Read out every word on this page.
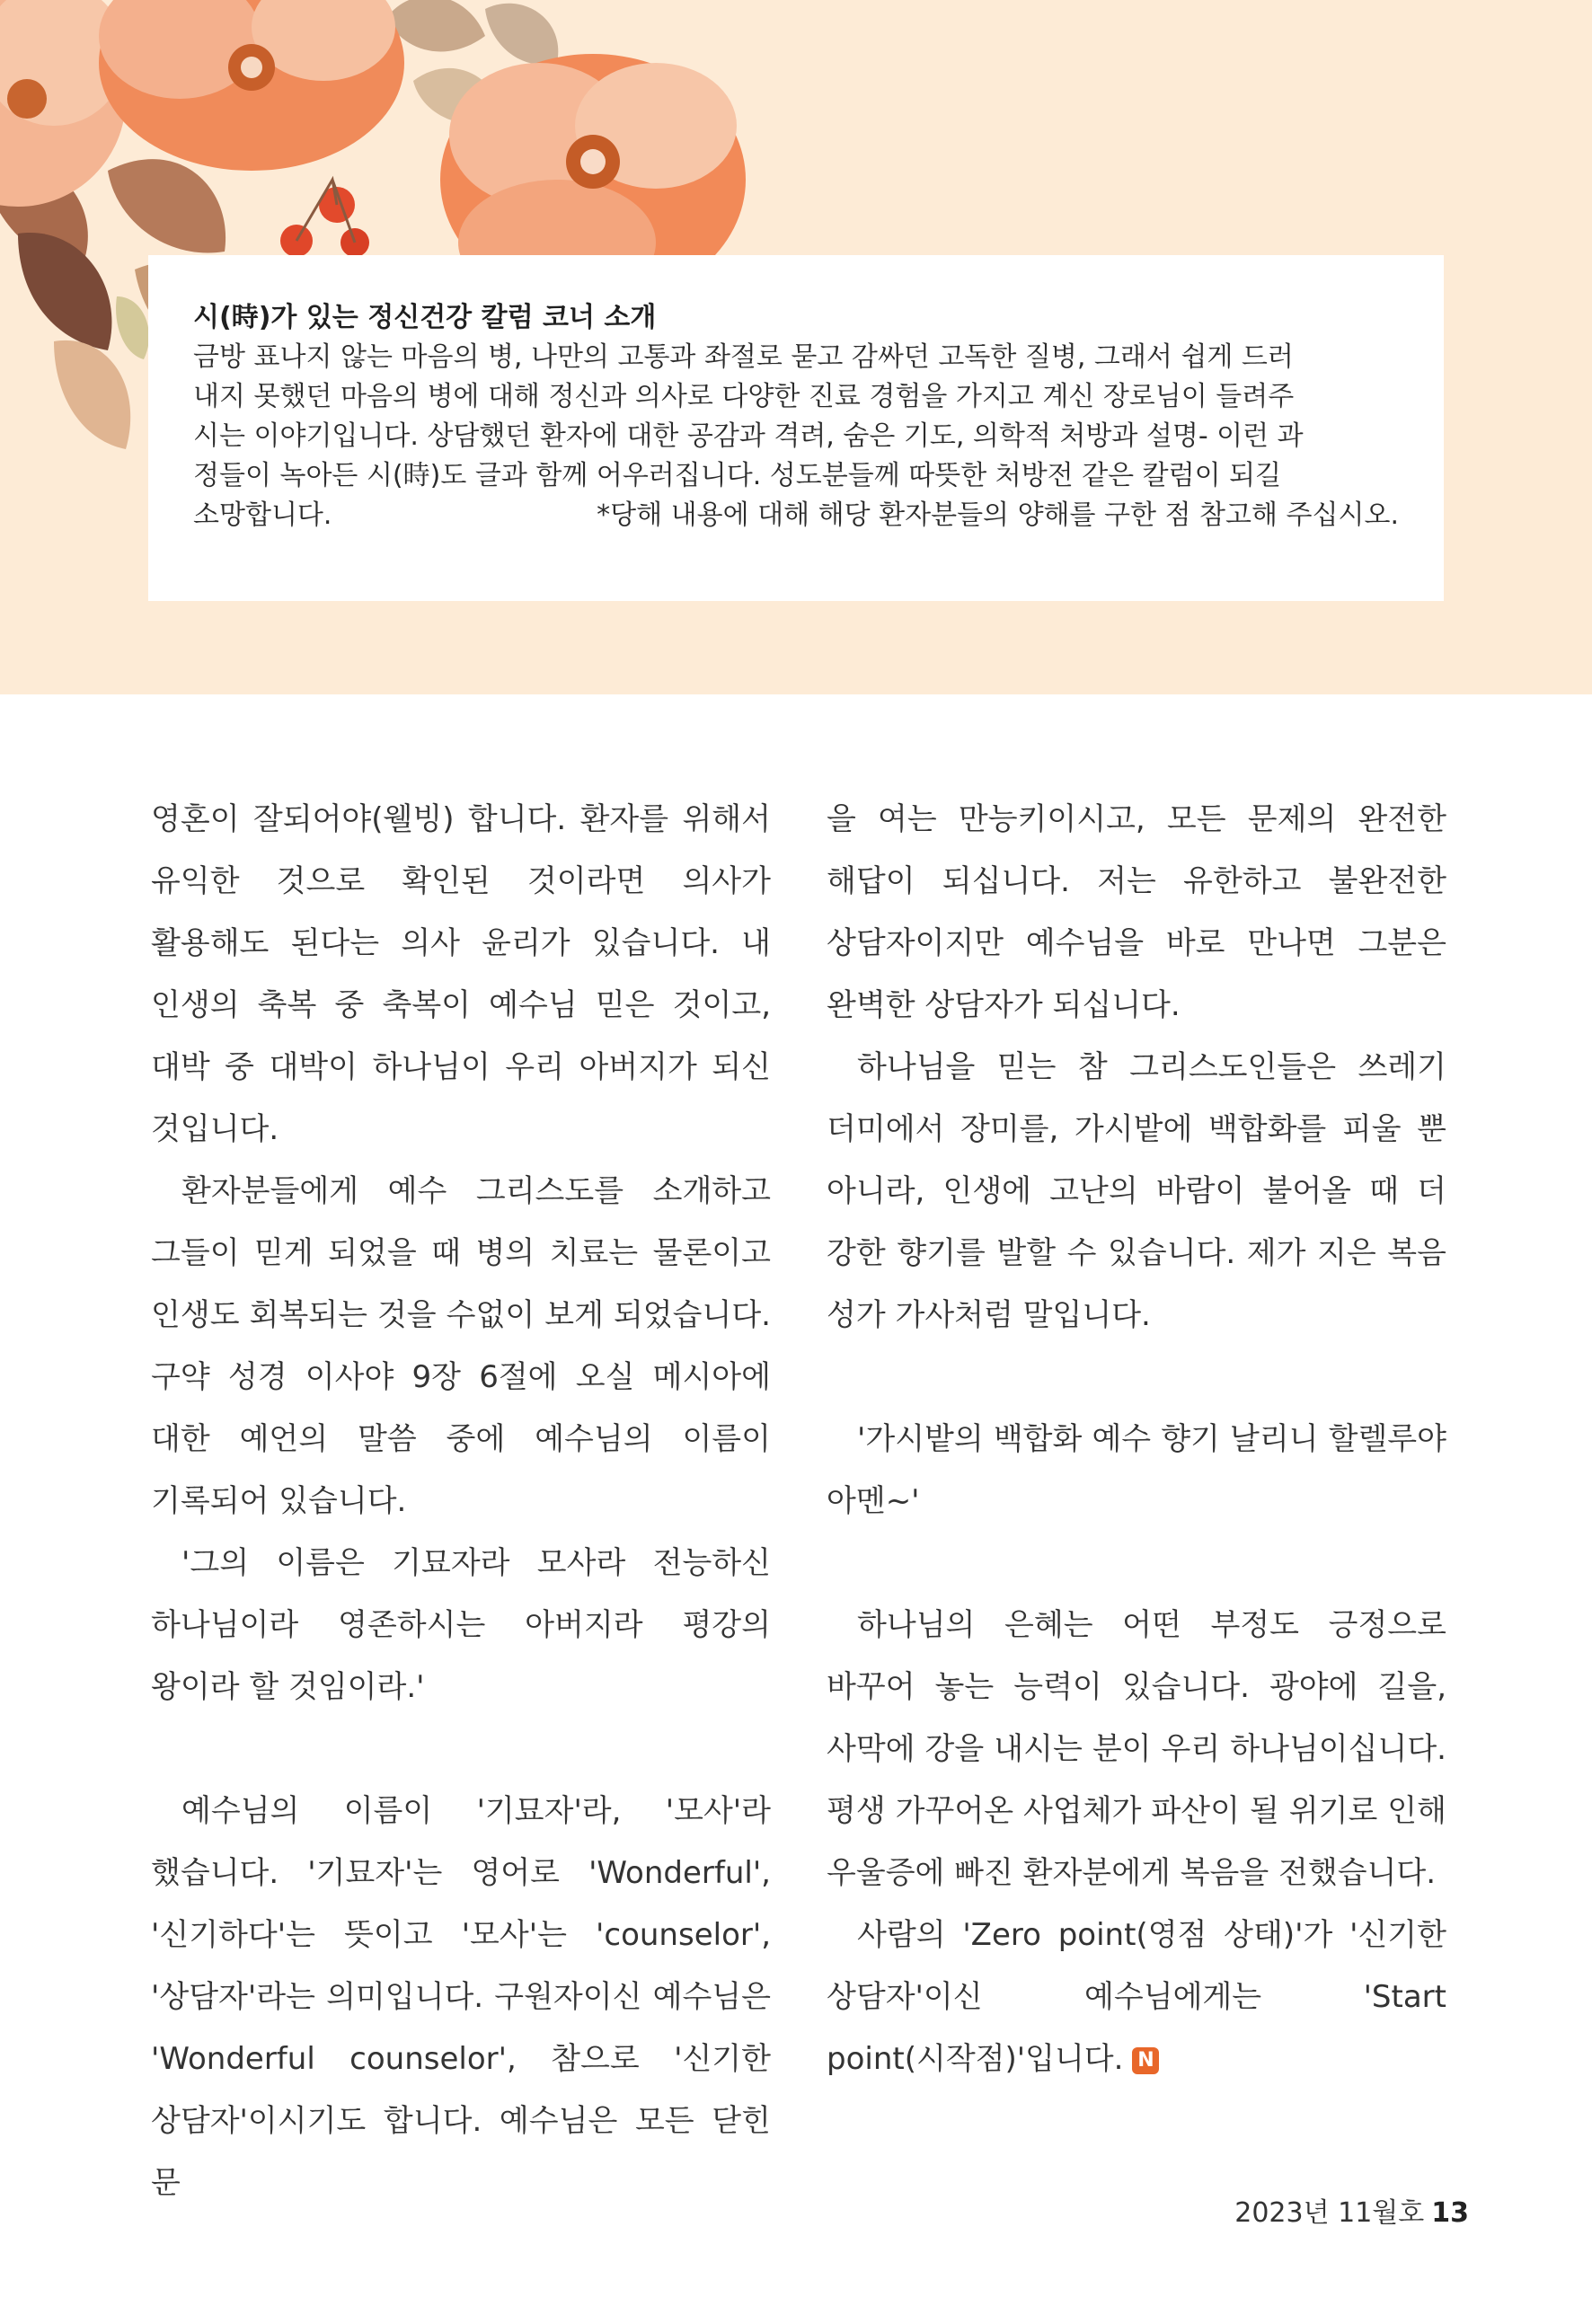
시(時)가 있는 정신건강 칼럼 코너 소개

금방 표나지 않는 마음의 병, 나만의 고통과 좌절로 묻고 감싸던 고독한 질병, 그래서 쉽게 드러

내지 못했던 마음의 병에 대해 정신과 의사로 다양한 진료 경험을 가지고 계신 장로님이 들려주

시는 이야기입니다. 상담했던 환자에 대한 공감과 격려, 숨은 기도, 의학적 처방과 설명- 이런 과

정들이 녹아든 시(時)도 글과 함께 어우러집니다. 성도분들께 따뜻한 처방전 같은 칼럼이 되길

소망합니다.	*당해 내용에 대해 해당 환자분들의 양해를 구한 점 참고해 주십시오.

영혼이 잘되어야(웰빙) 합니다. 환자를 위해서 유익한 것으로 확인된 것이라면 의사가 활용해도 된다는 의사 윤리가 있습니다. 내 인생의 축복 중 축복이 예수님 믿은 것이고, 대박 중 대박이 하나님이 우리 아버지가 되신 것입니다.

환자분들에게 예수 그리스도를 소개하고 그들이 믿게 되었을 때 병의 치료는 물론이고 인생도 회복되는 것을 수없이 보게 되었습니다. 구약 성경 이사야 9장 6절에 오실 메시아에 대한 예언의 말씀 중에 예수님의 이름이 기록되어 있습니다.

'그의 이름은 기묘자라 모사라 전능하신 하나님이라 영존하시는 아버지라 평강의 왕이라 할 것임이라.'

예수님의 이름이 '기묘자'라, '모사'라 했습니다. '기묘자'는 영어로 'Wonderful', '신기하다'는 뜻이고 '모사'는 'counselor', '상담자'라는 의미입니다. 구원자이신 예수님은 'Wonderful counselor', 참으로 '신기한 상담자'이시기도 합니다. 예수님은 모든 닫힌 문

을 여는 만능키이시고, 모든 문제의 완전한 해답이 되십니다. 저는 유한하고 불완전한 상담자이지만 예수님을 바로 만나면 그분은 완벽한 상담자가 되십니다.

하나님을 믿는 참 그리스도인들은 쓰레기 더미에서 장미를, 가시밭에 백합화를 피울 뿐 아니라, 인생에 고난의 바람이 불어올 때 더 강한 향기를 발할 수 있습니다. 제가 지은 복음 성가 가사처럼 말입니다.

'가시밭의 백합화 예수 향기 날리니 할렐루야 아멘~'

하나님의 은혜는 어떤 부정도 긍정으로 바꾸어 놓는 능력이 있습니다. 광야에 길을, 사막에 강을 내시는 분이 우리 하나님이십니다. 평생 가꾸어온 사업체가 파산이 될 위기로 인해 우울증에 빠진 환자분에게 복음을 전했습니다.

사람의 'Zero point(영점 상태)'가 '신기한 상담자'이신 예수님에게는 'Start point(시작점)'입니다. N

2023년 11월호 13
